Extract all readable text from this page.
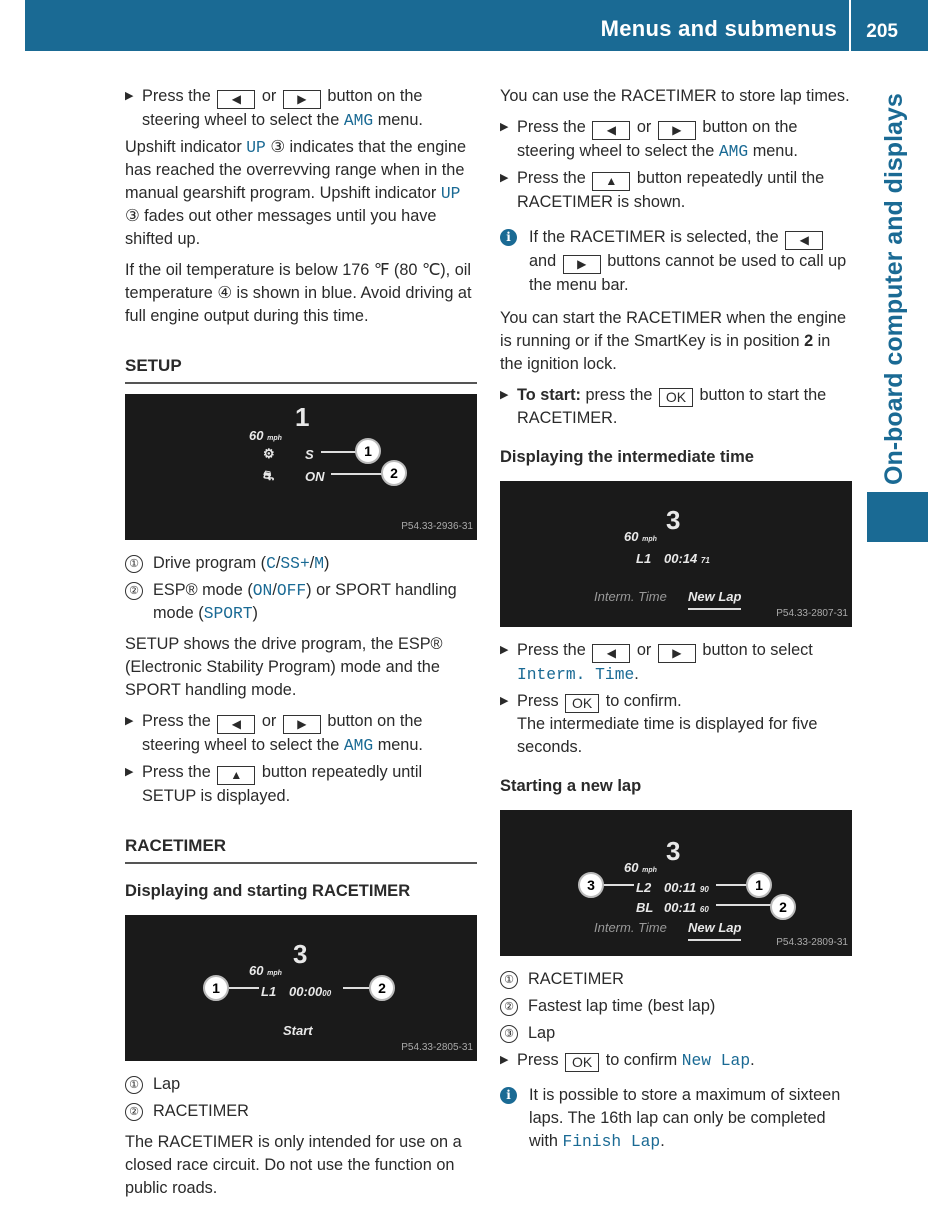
Menus and submenus 205
On-board computer and displays
▶ Press the ◀ or ▶ button on the steering wheel to select the AMG menu.

Upshift indicator UP ③ indicates that the engine has reached the overrevving range when in the manual gearshift program. Upshift indicator UP ③ fades out other messages until you have shifted up.

If the oil temperature is below 176 ℉ (80 ℃), oil temperature ④ is shown in blue. Avoid driving at full engine output during this time.

SETUP
60 mph
1
⚙ S	1
⛐ ON	2
P54.33-2936-31
① Drive program (C/SS+/M)
② ESP® mode (ON/OFF) or SPORT handling mode (SPORT)

SETUP shows the drive program, the ESP® (Electronic Stability Program) mode and the SPORT handling mode.

▶ Press the ◀ or ▶ button on the steering wheel to select the AMG menu.
▶ Press the ▲ button repeatedly until SETUP is displayed.
RACETIMER
Displaying and starting RACETIMER
60 mph
3
1	L1 00:0000	2
Start
P54.33-2805-31
① Lap
② RACETIMER

The RACETIMER is only intended for use on a closed race circuit. Do not use the function on public roads.

You can use the RACETIMER to store lap times.

▶ Press the ◀ or ▶ button on the steering wheel to select the AMG menu.
▶ Press the ▲ button repeatedly until the RACETIMER is shown.
i	If the RACETIMER is selected, the ◀ and ▶ buttons cannot be used to call up the menu bar.

You can start the RACETIMER when the engine is running or if the SmartKey is in position 2 in the ignition lock.

▶ To start: press the OK button to start the RACETIMER.
Displaying the intermediate time
60 mph
3
L1 00:14 71
Interm. Time New Lap
P54.33-2807-31
▶ Press the ◀ or ▶ button to select Interm. Time.
▶ Press OK to confirm.
The intermediate time is displayed for five seconds.
Starting a new lap
60 mph
3
3	L2 00:11 90	1
BL 00:11 60	2
Interm. Time New Lap
P54.33-2809-31
① RACETIMER
② Fastest lap time (best lap)
③ Lap
▶ Press OK to confirm New Lap.
i	It is possible to store a maximum of sixteen laps. The 16th lap can only be completed with Finish Lap.
